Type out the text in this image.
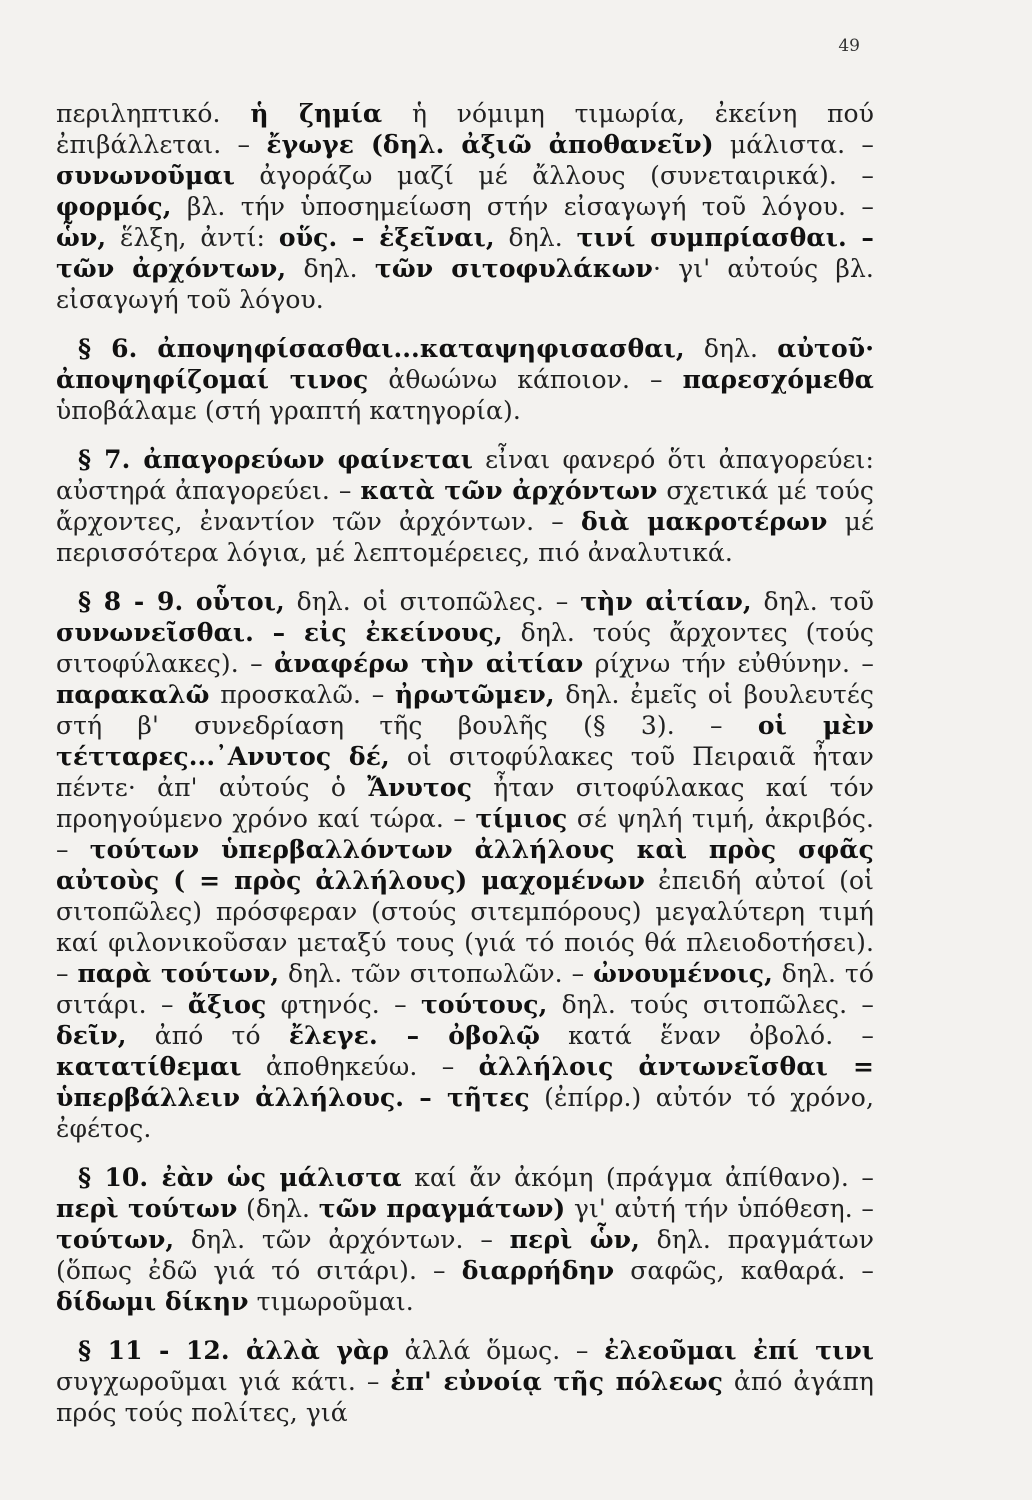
49

περιληπτικό. ἡ ζημία ἡ νόμιμη τιμωρία, ἐκείνη πού ἐπιβάλλεται. – ἔγωγε (δηλ. ἀξιῶ ἀποθανεῖν) μάλιστα. – συνωνοῦμαι ἀγοράζω μαζί μέ ἄλλους (συνεταιρικά). – φορμός, βλ. τήν ὑποσημείωση στήν εἰσαγωγή τοῦ λόγου. – ὧν, ἕλξη, ἀντί: οὕς. – ἐξεῖναι, δηλ. τινί συμπρίασθαι. – τῶν ἀρχόντων, δηλ. τῶν σιτοφυλάκων· γι' αὐτούς βλ. εἰσαγωγή τοῦ λόγου.

§ 6. ἀποψηφίσασθαι...καταψηφισασθαι, δηλ. αὐτοῦ· ἀποψηφίζομαί τινος ἀθωώνω κάποιον. – παρεσχόμεθα ὑποβάλαμε (στή γραπτή κατηγορία).

§ 7. ἀπαγορεύων φαίνεται εἶναι φανερό ὅτι ἀπαγορεύει: αὐστηρά ἀπαγορεύει. – κατὰ τῶν ἀρχόντων σχετικά μέ τούς ἄρχοντες, ἐναντίον τῶν ἀρχόντων. – διὰ μακροτέρων μέ περισσότερα λόγια, μέ λεπτομέρειες, πιό ἀναλυτικά.

§ 8 - 9. οὗτοι, δηλ. οἱ σιτοπῶλες. – τὴν αἰτίαν, δηλ. τοῦ συνωνεῖσθαι. – εἰς ἐκείνους, δηλ. τούς ἄρχοντες (τούς σιτοφύλακες). – ἀναφέρω τὴν αἰτίαν ρίχνω τήν εὐθύνην. – παρακαλῶ προσκαλῶ. – ἠρωτῶμεν, δηλ. ἐμεῖς οἱ βουλευτές στή β' συνεδρίαση τῆς βουλῆς (§ 3). – οἱ μὲν τέτταρες...᾿Ανυτος δέ, οἱ σιτοφύλακες τοῦ Πειραιᾶ ἦταν πέντε· ἀπ' αὐτούς ὁ Ἄνυτος ἦταν σιτοφύλακας καί τόν προηγούμενο χρόνο καί τώρα. – τίμιος σέ ψηλή τιμή, ἀκριβός. – τούτων ὑπερβαλλόντων ἀλλήλους καὶ πρὸς σφᾶς αὐτοὺς ( = πρὸς ἀλλήλους) μαχομένων ἐπειδή αὐτοί (οἱ σιτοπῶλες) πρόσφεραν (στούς σιτεμπόρους) μεγαλύτερη τιμή καί φιλονικοῦσαν μεταξύ τους (γιά τό ποιός θά πλειοδοτήσει). – παρὰ τούτων, δηλ. τῶν σιτοπωλῶν. – ὠνουμένοις, δηλ. τό σιτάρι. – ἄξιος φτηνός. – τούτους, δηλ. τούς σιτοπῶλες. – δεῖν, ἀπό τό ἔλεγε. – ὀβολῷ κατά ἕναν ὀβολό. – κατατίθεμαι ἀποθηκεύω. – ἀλλήλοις ἀντωνεῖσθαι = ὑπερβάλλειν ἀλλήλους. – τῆτες (ἐπίρρ.) αὐτόν τό χρόνο, ἐφέτος.

§ 10. ἐὰν ὡς μάλιστα καί ἄν ἀκόμη (πράγμα ἀπίθανο). – περὶ τούτων (δηλ. τῶν πραγμάτων) γι' αὐτή τήν ὑπόθεση. – τούτων, δηλ. τῶν ἀρχόντων. – περὶ ὧν, δηλ. πραγμάτων (ὅπως ἐδῶ γιά τό σιτάρι). – διαρρήδην σαφῶς, καθαρά. – δίδωμι δίκην τιμωροῦμαι.

§ 11 - 12. ἀλλὰ γὰρ ἀλλά ὅμως. – ἐλεοῦμαι ἐπί τινι συγχωροῦμαι γιά κάτι. – ἐπ' εὐνοίᾳ τῆς πόλεως ἀπό ἀγάπη πρός τούς πολίτες, γιά
